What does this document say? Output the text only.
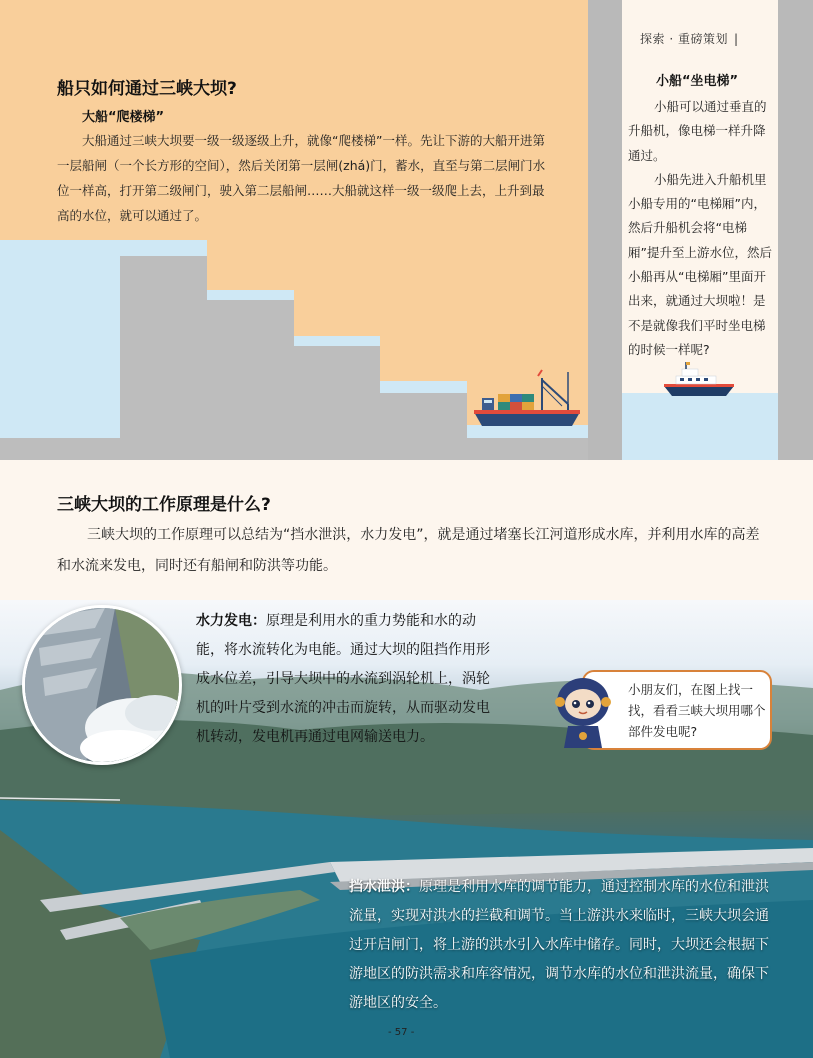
探索 · 重磅策划 |
船只如何通过三峡大坝?
大船“爬楼梯”
大船通过三峡大坝要一级一级逐级上升，就像“爬楼梯”一样。先让下游的大船开进第一层船闸（一个长方形的空间），然后关闭第一层闸(zhá)门，蓄水，直至与第二层闸门水位一样高，打开第二级闸门，驶入第二层船闸……大船就这样一级一级爬上去，上升到最高的水位，就可以通过了。
小船“坐电梯”

小船可以通过垂直的升船机，像电梯一样升降通过。

小船先进入升船机里小船专用的“电梯厢”内，然后升船机会将“电梯厢”提升至上游水位，然后小船再从“电梯厢”里面开出来，就通过大坝啦！是不是就像我们平时坐电梯的时候一样呢?

三峡大坝的工作原理是什么?
三峡大坝的工作原理可以总结为“挡水泄洪，水力发电”，就是通过堵塞长江河道形成水库，并利用水库的高差和水流来发电，同时还有船闸和防洪等功能。
水力发电：原理是利用水的重力势能和水的动能，将水流转化为电能。通过大坝的阻挡作用形成水位差，引导大坝中的水流到涡轮机上，涡轮机的叶片受到水流的冲击而旋转，从而驱动发电机转动，发电机再通过电网输送电力。
小朋友们，在图上找一找，看看三峡大坝用哪个部件发电呢?
挡水泄洪：原理是利用水库的调节能力，通过控制水库的水位和泄洪流量，实现对洪水的拦截和调节。当上游洪水来临时，三峡大坝会通过开启闸门，将上游的洪水引入水库中储存。同时，大坝还会根据下游地区的防洪需求和库容情况，调节水库的水位和泄洪流量，确保下游地区的安全。
- 57 -
